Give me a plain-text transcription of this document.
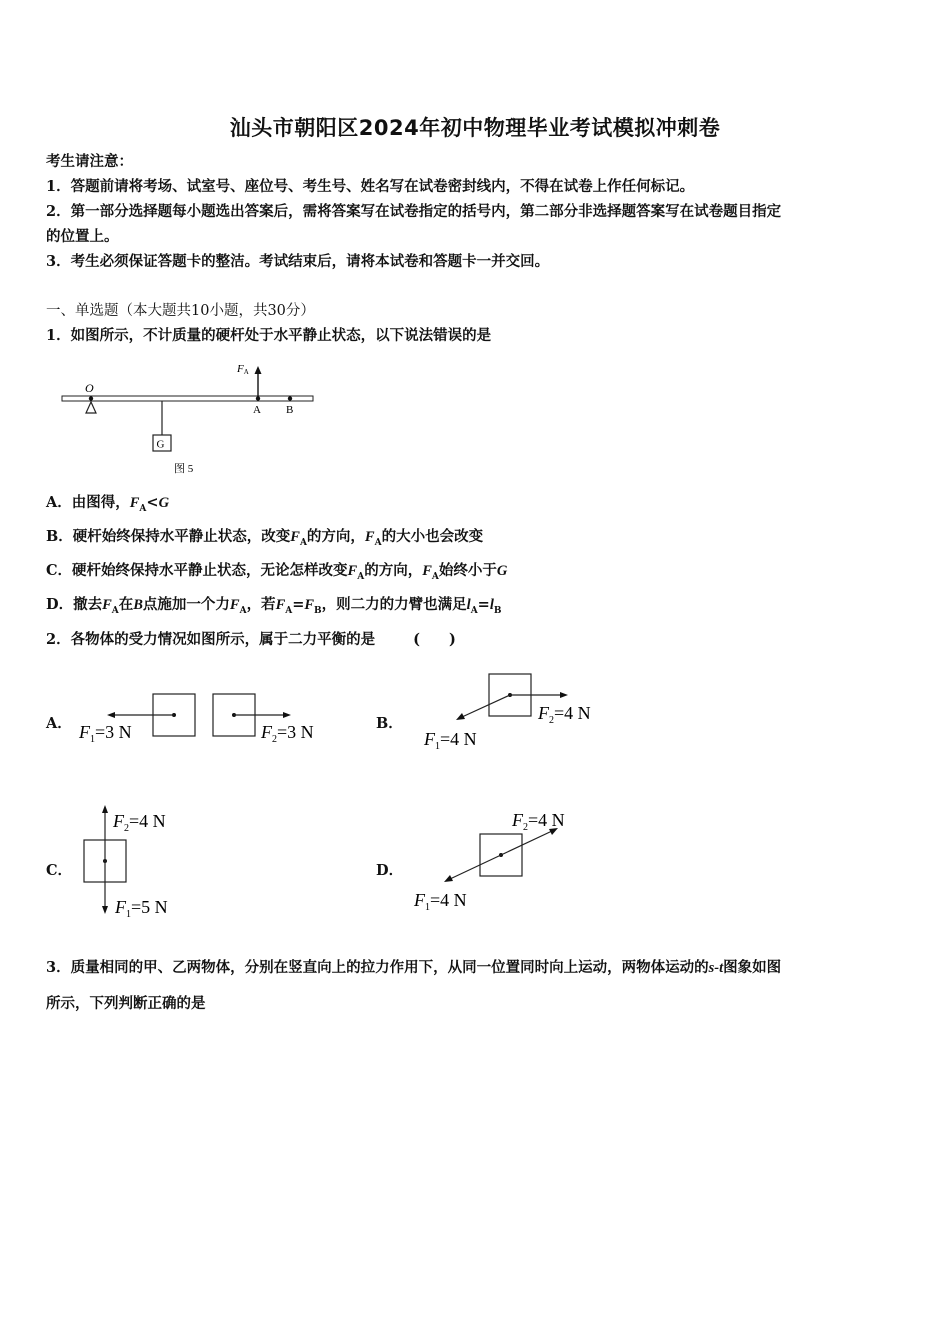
汕头市朝阳区2024年初中物理毕业考试模拟冲刺卷
考生请注意：
1．答题前请将考场、试室号、座位号、考生号、姓名写在试卷密封线内，不得在试卷上作任何标记。
2．第一部分选择题每小题选出答案后，需将答案写在试卷指定的括号内，第二部分非选择题答案写在试卷题目指定
的位置上。
3．考生必须保证答题卡的整洁。考试结束后，请将本试卷和答题卡一并交回。
一、单选题（本大题共10小题，共30分）
1．如图所示，不计质量的硬杆处于水平静止状态，以下说法错误的是
O
G
FA
A B
图 5
A．由图得，$F_A<G$
B．硬杆始终保持水平静止状态，改变$F_A$的方向，$F_A$的大小也会改变
C．硬杆始终保持水平静止状态，无论怎样改变$F_A$的方向，$F_A$始终小于G
D．撤去$F_A$在B点施加一个力$F_A$，若$F_A=F_B$，则二力的力臂也满足$l_A=l_B$
2．各物体的受力情况如图所示，属于二力平衡的是	(　　)
A． $F_1=3$ N	$F_2=3$ N	B．
$F_2=4$ N
$F_1=4$ N
C．
$F_2=4$ N
$F_1=5$ N
D．
$F_2=4$ N
$F_1=4$ N
3．质量相同的甲、乙两物体，分别在竖直向上的拉力作用下，从同一位置同时向上运动，两物体运动的s-t图象如图
所示，下列判断正确的是
